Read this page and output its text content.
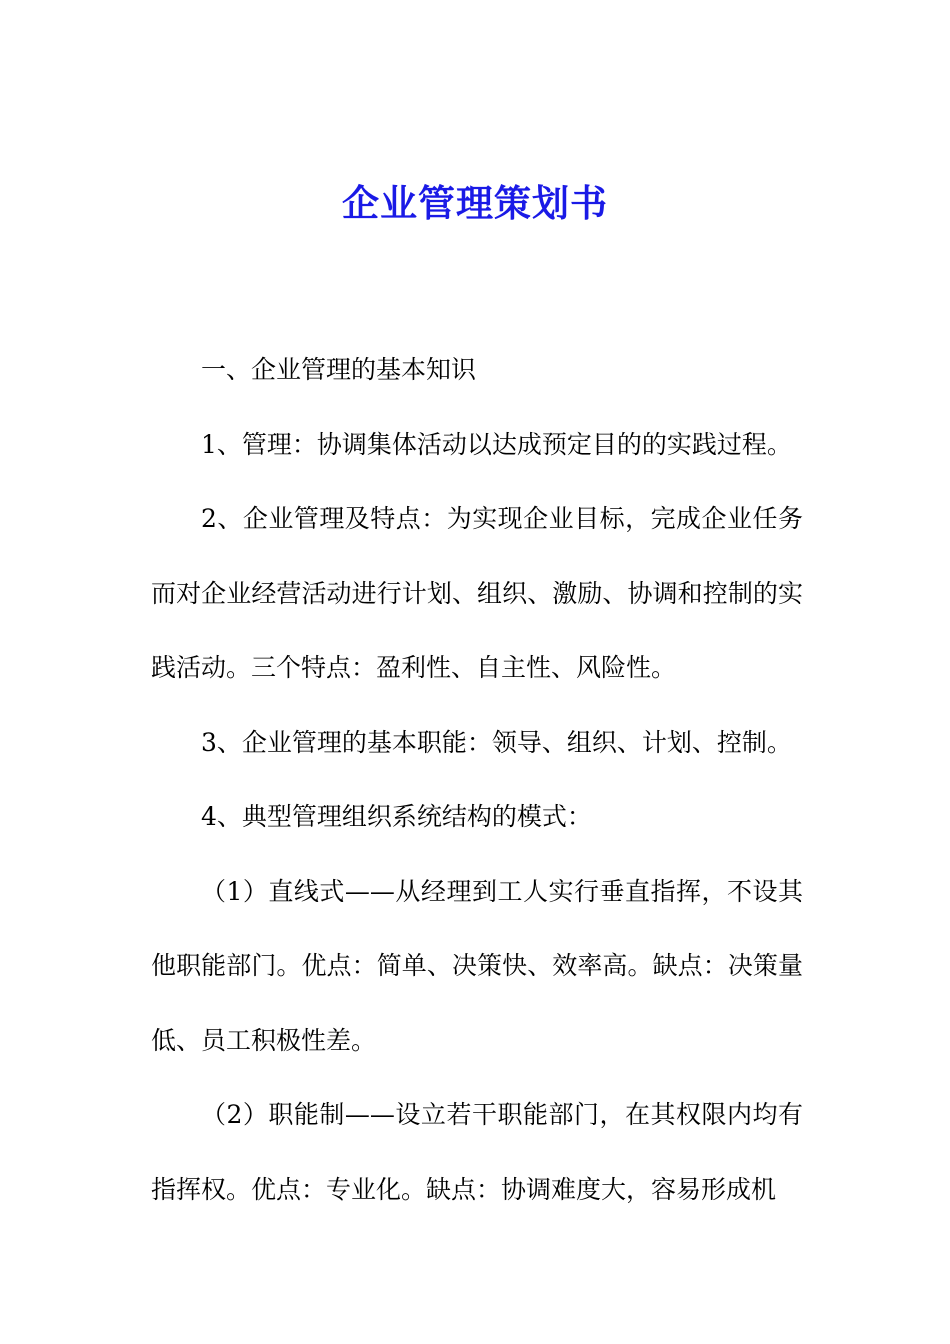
企业管理策划书

一、企业管理的基本知识

1、管理：协调集体活动以达成预定目的的实践过程。

2、企业管理及特点：为实现企业目标，完成企业任务而对企业经营活动进行计划、组织、激励、协调和控制的实践活动。三个特点：盈利性、自主性、风险性。

3、企业管理的基本职能：领导、组织、计划、控制。

4、典型管理组织系统结构的模式：

（1）直线式——从经理到工人实行垂直指挥，不设其他职能部门。优点：简单、决策快、效率高。缺点：决策量低、员工积极性差。

（2）职能制——设立若干职能部门，在其权限内均有指挥权。优点：专业化。缺点：协调难度大，容易形成机
